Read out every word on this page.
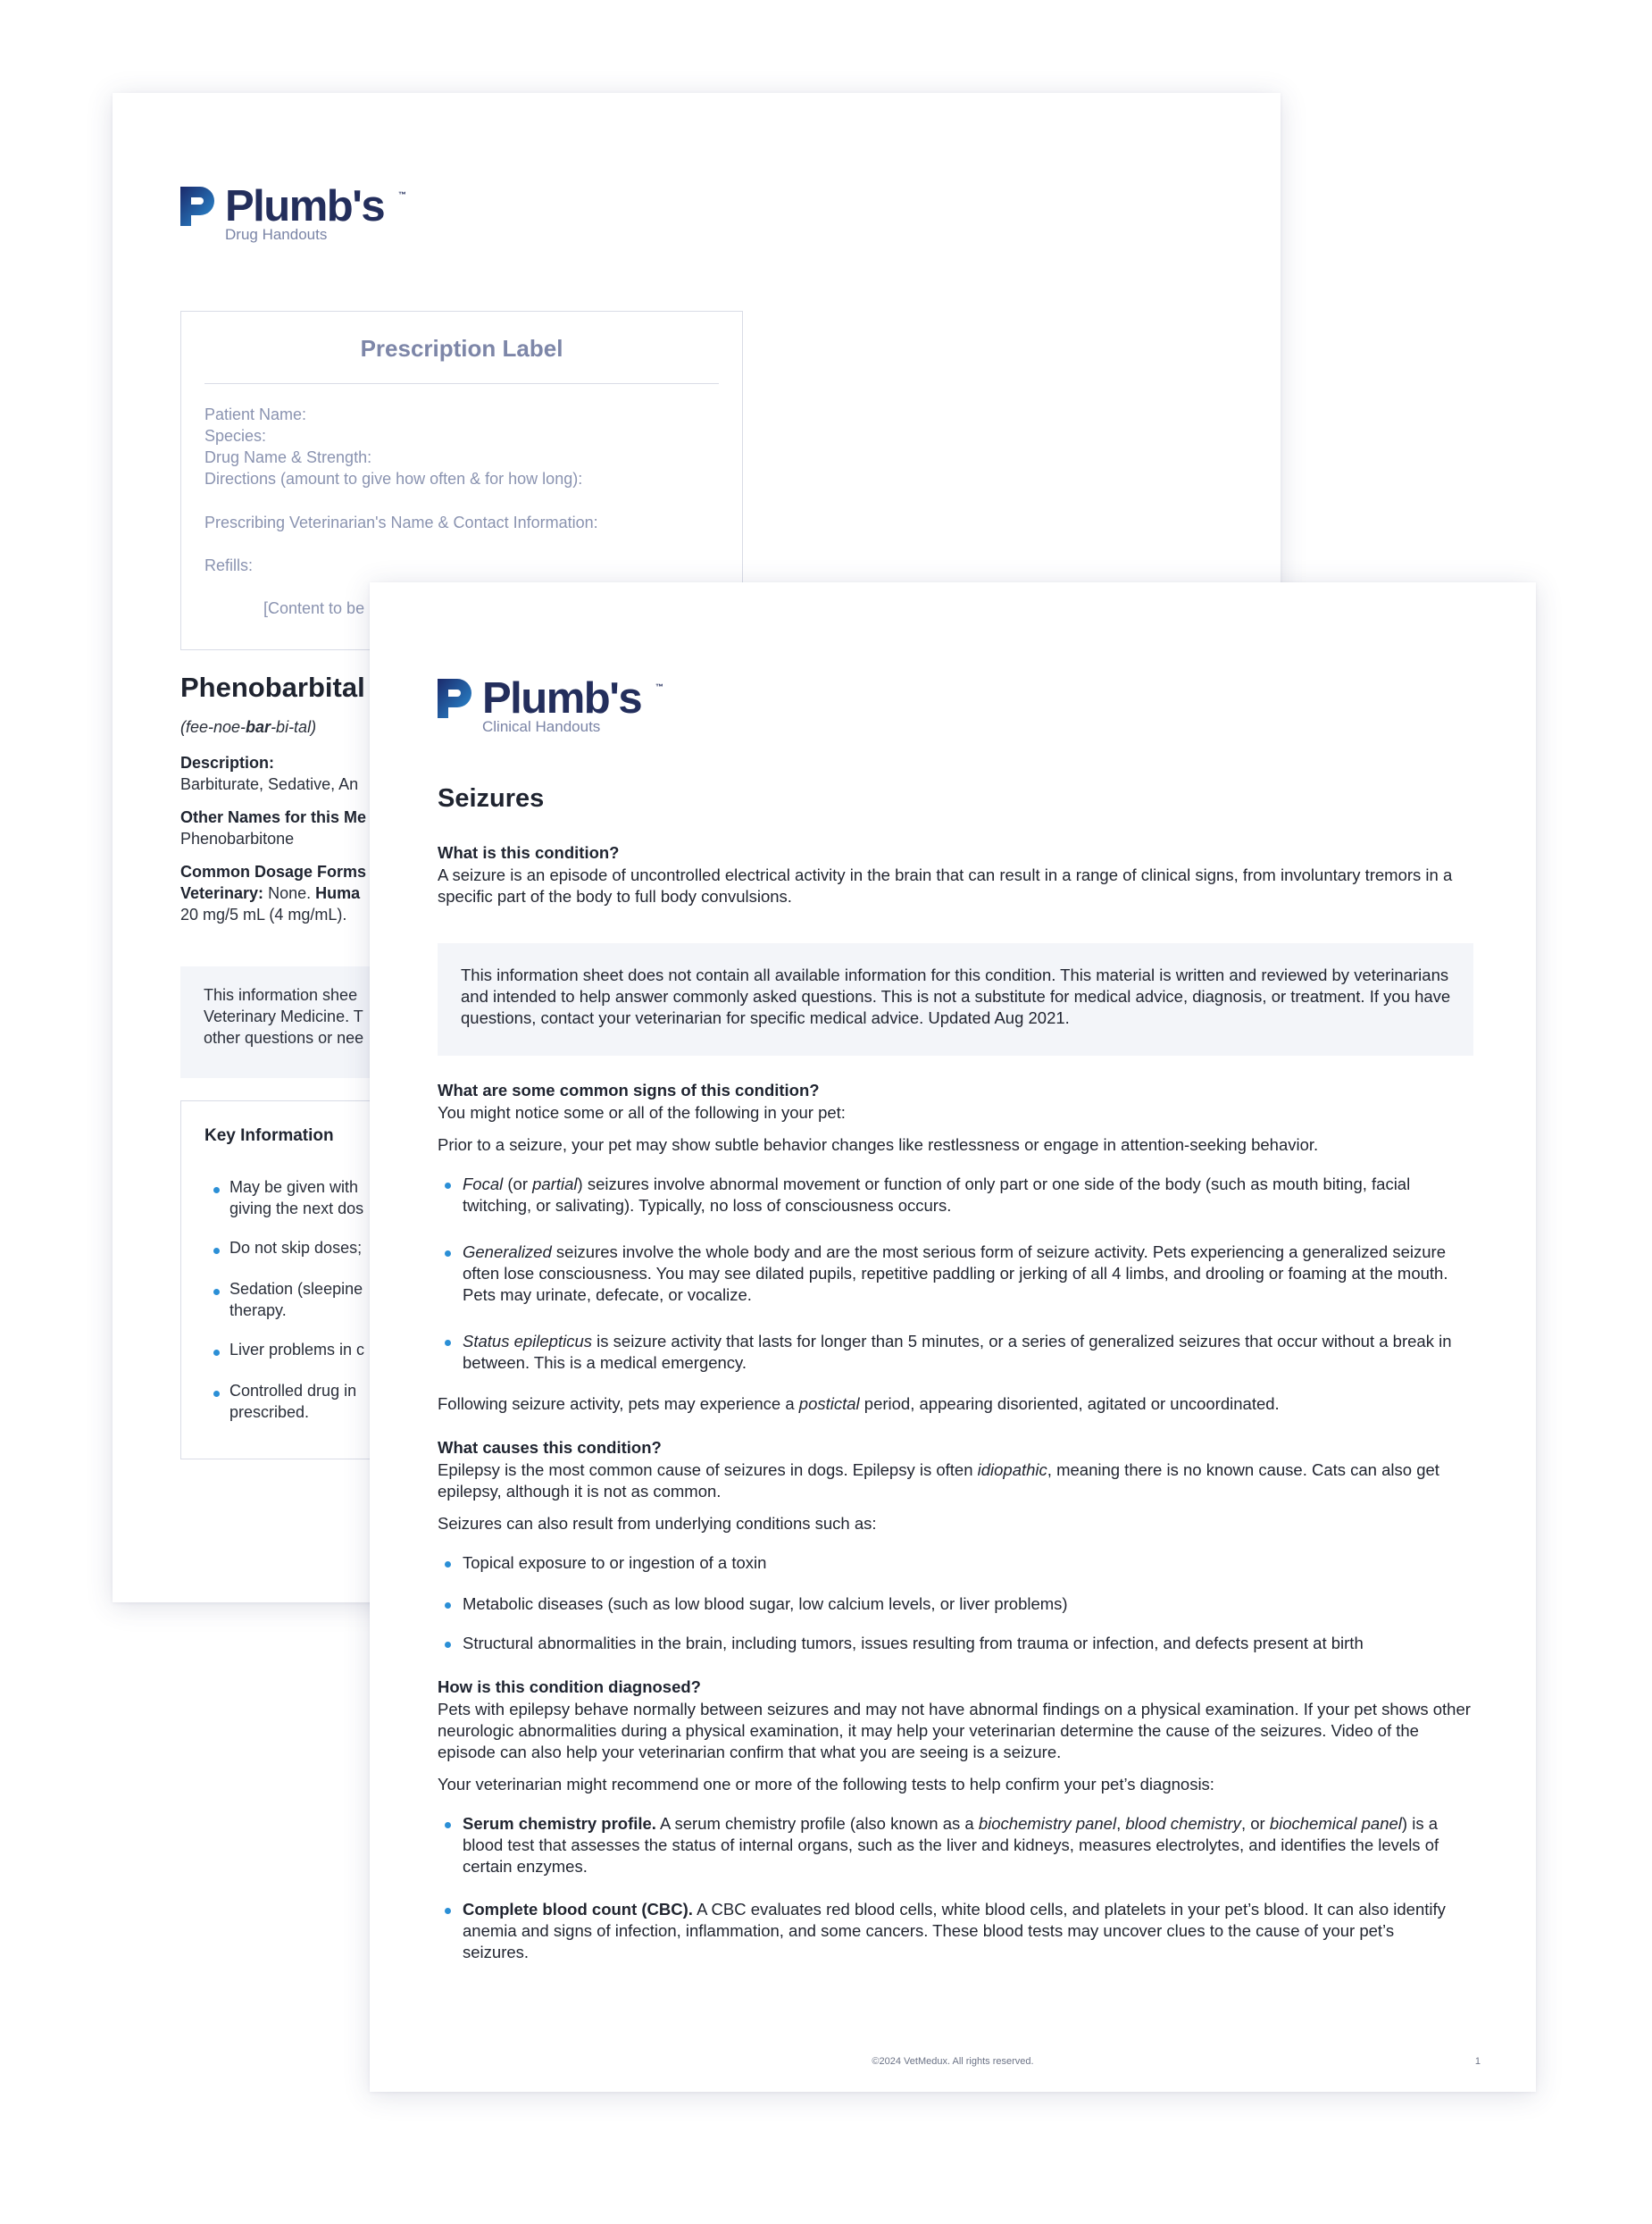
Plumb's ™
Drug Handouts
Prescription Label
Patient Name:
Species:
Drug Name & Strength:
Directions (amount to give how often & for how long):
Prescribing Veterinarian's Name & Contact Information:
Refills:
[Content to be
Phenobarbital
(fee-noe-bar-bi-tal)
Description:
Barbiturate, Sedative, An
Other Names for this Me
Phenobarbitone
Common Dosage Forms
Veterinary: None. Huma
20 mg/5 mL (4 mg/mL).
This information shee
Veterinary Medicine. T
other questions or nee
Key Information
May be given with
giving the next dos
Do not skip doses;
Sedation (sleepine
therapy.
Liver problems in c
Controlled drug in
prescribed.
Plumb's ™
Clinical Handouts
Seizures
What is this condition?
A seizure is an episode of uncontrolled electrical activity in the brain that can result in a range of clinical signs, from involuntary tremors in a specific part of the body to full body convulsions.
This information sheet does not contain all available information for this condition. This material is written and reviewed by veterinarians and intended to help answer commonly asked questions. This is not a substitute for medical advice, diagnosis, or treatment. If you have questions, contact your veterinarian for specific medical advice. Updated Aug 2021.
What are some common signs of this condition?
You might notice some or all of the following in your pet:
Prior to a seizure, your pet may show subtle behavior changes like restlessness or engage in attention-seeking behavior.
Focal (or partial) seizures involve abnormal movement or function of only part or one side of the body (such as mouth biting, facial twitching, or salivating). Typically, no loss of consciousness occurs.
Generalized seizures involve the whole body and are the most serious form of seizure activity. Pets experiencing a generalized seizure often lose consciousness. You may see dilated pupils, repetitive paddling or jerking of all 4 limbs, and drooling or foaming at the mouth. Pets may urinate, defecate, or vocalize.
Status epilepticus is seizure activity that lasts for longer than 5 minutes, or a series of generalized seizures that occur without a break in between. This is a medical emergency.
Following seizure activity, pets may experience a postictal period, appearing disoriented, agitated or uncoordinated.
What causes this condition?
Epilepsy is the most common cause of seizures in dogs. Epilepsy is often idiopathic, meaning there is no known cause. Cats can also get epilepsy, although it is not as common.
Seizures can also result from underlying conditions such as:
Topical exposure to or ingestion of a toxin
Metabolic diseases (such as low blood sugar, low calcium levels, or liver problems)
Structural abnormalities in the brain, including tumors, issues resulting from trauma or infection, and defects present at birth
How is this condition diagnosed?
Pets with epilepsy behave normally between seizures and may not have abnormal findings on a physical examination. If your pet shows other neurologic abnormalities during a physical examination, it may help your veterinarian determine the cause of the seizures. Video of the episode can also help your veterinarian confirm that what you are seeing is a seizure.
Your veterinarian might recommend one or more of the following tests to help confirm your pet’s diagnosis:
Serum chemistry profile. A serum chemistry profile (also known as a biochemistry panel, blood chemistry, or biochemical panel) is a blood test that assesses the status of internal organs, such as the liver and kidneys, measures electrolytes, and identifies the levels of certain enzymes.
Complete blood count (CBC). A CBC evaluates red blood cells, white blood cells, and platelets in your pet’s blood. It can also identify anemia and signs of infection, inflammation, and some cancers. These blood tests may uncover clues to the cause of your pet’s seizures.
©2024 VetMedux. All rights reserved.	1
